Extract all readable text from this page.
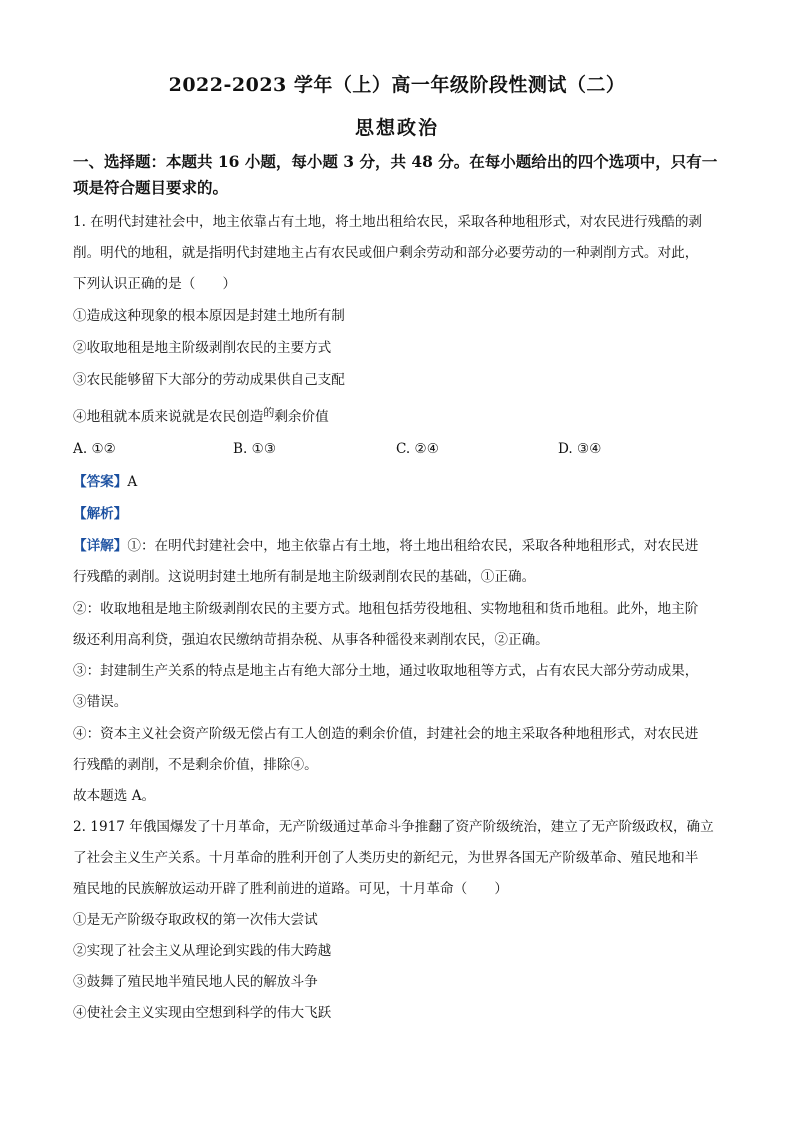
2022-2023 学年（上）高一年级阶段性测试（二）
思想政治
一、选择题：本题共 16 小题，每小题 3 分，共 48 分。在每小题给出的四个选项中，只有一项是符合题目要求的。
1. 在明代封建社会中，地主依靠占有土地，将土地出租给农民，采取各种地租形式，对农民进行残酷的剥
削。明代的地租，就是指明代封建地主占有农民或佃户剩余劳动和部分必要劳动的一种剥削方式。对此，
下列认识正确的是（　　）
①造成这种现象的根本原因是封建土地所有制
②收取地租是地主阶级剥削农民的主要方式
③农民能够留下大部分的劳动成果供自己支配
④地租就本质来说就是农民创造$^的$剩余价值
A. ①②	B. ①③	C. ②④	D. ③④
【答案】A
【解析】
【详解】①：在明代封建社会中，地主依靠占有土地，将土地出租给农民，采取各种地租形式，对农民进
行残酷的剥削。这说明封建土地所有制是地主阶级剥削农民的基础，①正确。
②：收取地租是地主阶级剥削农民的主要方式。地租包括劳役地租、实物地租和货币地租。此外，地主阶
级还利用高利贷，强迫农民缴纳苛捐杂税、从事各种徭役来剥削农民，②正确。
③：封建制生产关系的特点是地主占有绝大部分土地，通过收取地租等方式，占有农民大部分劳动成果，
③错误。
④：资本主义社会资产阶级无偿占有工人创造的剩余价值，封建社会的地主采取各种地租形式，对农民进
行残酷的剥削，不是剩余价值，排除④。
故本题选 A。
2. 1917 年俄国爆发了十月革命，无产阶级通过革命斗争推翻了资产阶级统治，建立了无产阶级政权，确立
了社会主义生产关系。十月革命的胜利开创了人类历史的新纪元，为世界各国无产阶级革命、殖民地和半
殖民地的民族解放运动开辟了胜利前进的道路。可见，十月革命（　　）
①是无产阶级夺取政权的第一次伟大尝试
②实现了社会主义从理论到实践的伟大跨越
③鼓舞了殖民地半殖民地人民的解放斗争
④使社会主义实现由空想到科学的伟大飞跃
